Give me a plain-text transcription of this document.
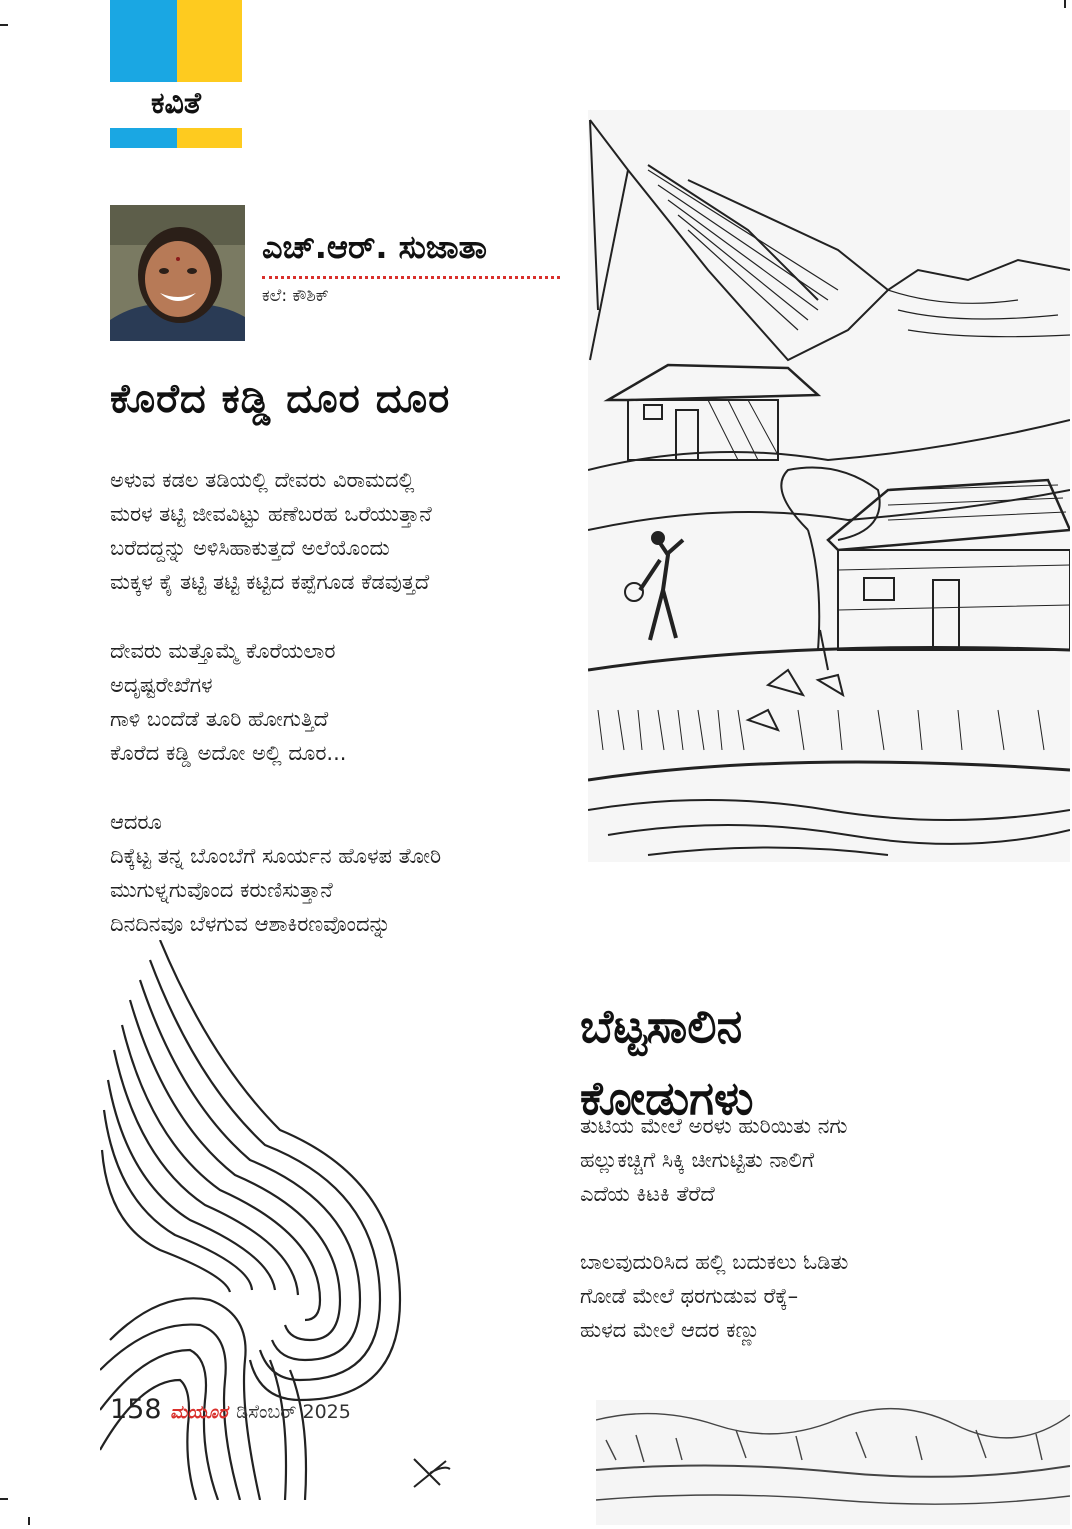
ಕವಿತೆ
ಎಚ್‌.ಆರ್‌. ಸುಜಾತಾ
ಕಲೆ: ಕೌಶಿಕ್
ಕೊರೆದ ಕಡ್ಡಿ ದೂರ ದೂರ
ಅಳುವ ಕಡಲ ತಡಿಯಲ್ಲಿ ದೇವರು ವಿರಾಮದಲ್ಲಿ
ಮರಳ ತಟ್ಟಿ ಜೀವವಿಟ್ಟು ಹಣೆಬರಹ ಒರೆಯುತ್ತಾನೆ
ಬರೆದದ್ದನ್ನು ಅಳಿಸಿಹಾಕುತ್ತದೆ ಅಲೆಯೊಂದು
ಮಕ್ಕಳ ಕೈ ತಟ್ಟಿ ತಟ್ಟಿ ಕಟ್ಟಿದ ಕಪ್ಪೆಗೂಡ ಕೆಡವುತ್ತದೆ
ದೇವರು ಮತ್ತೊಮ್ಮೆ ಕೊರೆಯಲಾರ
ಅದೃಷ್ಟರೇಖೆಗಳ
ಗಾಳಿ ಬಂದೆಡೆ ತೂರಿ ಹೋಗುತ್ತಿದೆ
ಕೊರೆದ ಕಡ್ಡಿ ಅದೋ ಅಲ್ಲಿ ದೂರ...
ಆದರೂ
ದಿಕ್ಕೆಟ್ಟ ತನ್ನ ಬೊಂಬೆಗೆ ಸೂರ್ಯನ ಹೊಳಪ ತೋರಿ
ಮುಗುಳ್ನಗುವೊಂದ ಕರುಣಿಸುತ್ತಾನೆ
ದಿನದಿನವೂ ಬೆಳಗುವ ಆಶಾಕಿರಣವೊಂದನ್ನು
ಬೆಟ್ಟಸಾಲಿನ
ಕೋಡುಗಳು
ತುಟಿಯ ಮೇಲೆ ಅರಳು ಹುರಿಯಿತು ನಗು
ಹಲ್ಲುಕಚ್ಚಿಗೆ ಸಿಕ್ಕಿ ಚೀಗುಟ್ಟಿತು ನಾಲಿಗೆ
ಎದೆಯ ಕಿಟಕಿ ತೆರೆದೆ
ಬಾಲವುದುರಿಸಿದ ಹಲ್ಲಿ ಬದುಕಲು ಓಡಿತು
ಗೋಡೆ ಮೇಲೆ ಥರಗುಡುವ ರೆಕ್ಕೆ–
ಹುಳದ ಮೇಲೆ ಆದರ ಕಣ್ಣು
158 ಮಯೂರ ಡಿಸೆಂಬರ್ 2025
